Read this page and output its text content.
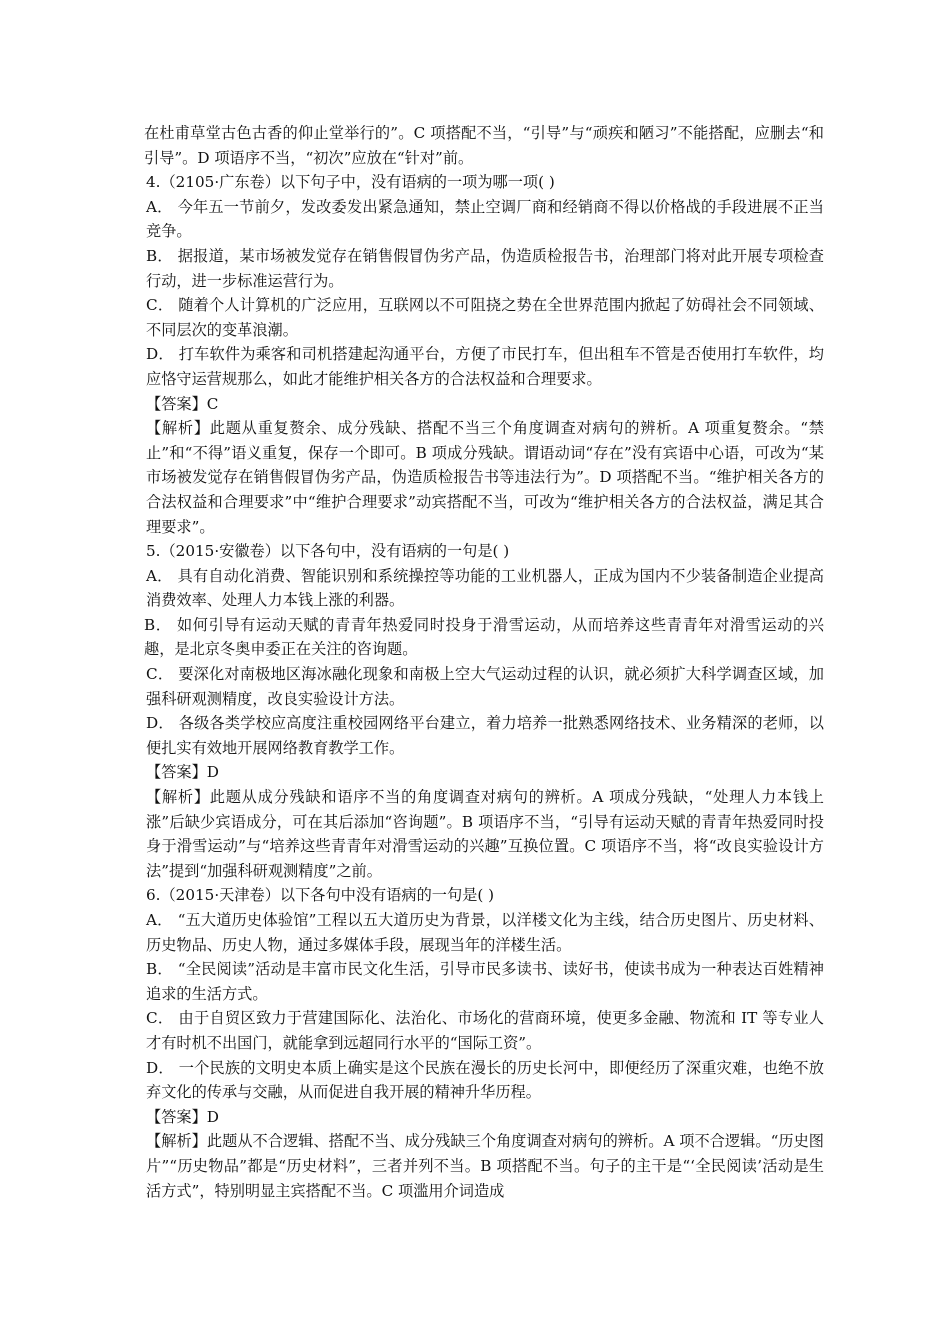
在杜甫草堂古色古香的仰止堂举行的”。C 项搭配不当，“引导”与“顽疾和陋习”不能搭配，应删去“和引导”。D 项语序不当，“初次”应放在“针对”前。

4.（2105·广东卷）以下句子中，没有语病的一项为哪一项( )

A． 今年五一节前夕，发改委发出紧急通知，禁止空调厂商和经销商不得以价格战的手段进展不正当竞争。

B． 据报道，某市场被发觉存在销售假冒伪劣产品，伪造质检报告书，治理部门将对此开展专项检查行动，进一步标准运营行为。

C． 随着个人计算机的广泛应用，互联网以不可阻挠之势在全世界范围内掀起了妨碍社会不同领域、不同层次的变革浪潮。

D． 打车软件为乘客和司机搭建起沟通平台，方便了市民打车，但出租车不管是否使用打车软件，均应恪守运营规那么，如此才能维护相关各方的合法权益和合理要求。

【答案】C

【解析】此题从重复赘余、成分残缺、搭配不当三个角度调查对病句的辨析。A 项重复赘余。“禁止”和“不得”语义重复，保存一个即可。B 项成分残缺。谓语动词“存在”没有宾语中心语，可改为“某市场被发觉存在销售假冒伪劣产品，伪造质检报告书等违法行为”。D 项搭配不当。“维护相关各方的合法权益和合理要求”中“维护合理要求”动宾搭配不当，可改为“维护相关各方的合法权益，满足其合理要求”。

5.（2015·安徽卷）以下各句中，没有语病的一句是( )

A． 具有自动化消费、智能识别和系统操控等功能的工业机器人，正成为国内不少装备制造企业提高消费效率、处理人力本钱上涨的利器。

B． 如何引导有运动天赋的青青年热爱同时投身于滑雪运动，从而培养这些青青年对滑雪运动的兴趣，是北京冬奥申委正在关注的咨询题。

C． 要深化对南极地区海冰融化现象和南极上空大气运动过程的认识，就必须扩大科学调查区域，加强科研观测精度，改良实验设计方法。

D． 各级各类学校应高度注重校园网络平台建立，着力培养一批熟悉网络技术、业务精深的老师，以便扎实有效地开展网络教育教学工作。

【答案】D

【解析】此题从成分残缺和语序不当的角度调查对病句的辨析。A 项成分残缺，“处理人力本钱上涨”后缺少宾语成分，可在其后添加“咨询题”。B 项语序不当，“引导有运动天赋的青青年热爱同时投身于滑雪运动”与“培养这些青青年对滑雪运动的兴趣”互换位置。C 项语序不当，将“改良实验设计方法”提到“加强科研观测精度”之前。

6.（2015·天津卷）以下各句中没有语病的一句是( )

A． “五大道历史体验馆”工程以五大道历史为背景，以洋楼文化为主线，结合历史图片、历史材料、历史物品、历史人物，通过多媒体手段，展现当年的洋楼生活。

B． “全民阅读”活动是丰富市民文化生活，引导市民多读书、读好书，使读书成为一种表达百姓精神追求的生活方式。

C． 由于自贸区致力于营建国际化、法治化、市场化的营商环境，使更多金融、物流和 IT 等专业人才有时机不出国门，就能拿到远超同行水平的“国际工资”。

D． 一个民族的文明史本质上确实是这个民族在漫长的历史长河中，即便经历了深重灾难，也绝不放弃文化的传承与交融，从而促进自我开展的精神升华历程。

【答案】D

【解析】此题从不合逻辑、搭配不当、成分残缺三个角度调查对病句的辨析。A 项不合逻辑。“历史图片”“历史物品”都是“历史材料”，三者并列不当。B 项搭配不当。句子的主干是“‘全民阅读’活动是生活方式”，特别明显主宾搭配不当。C 项滥用介词造成
